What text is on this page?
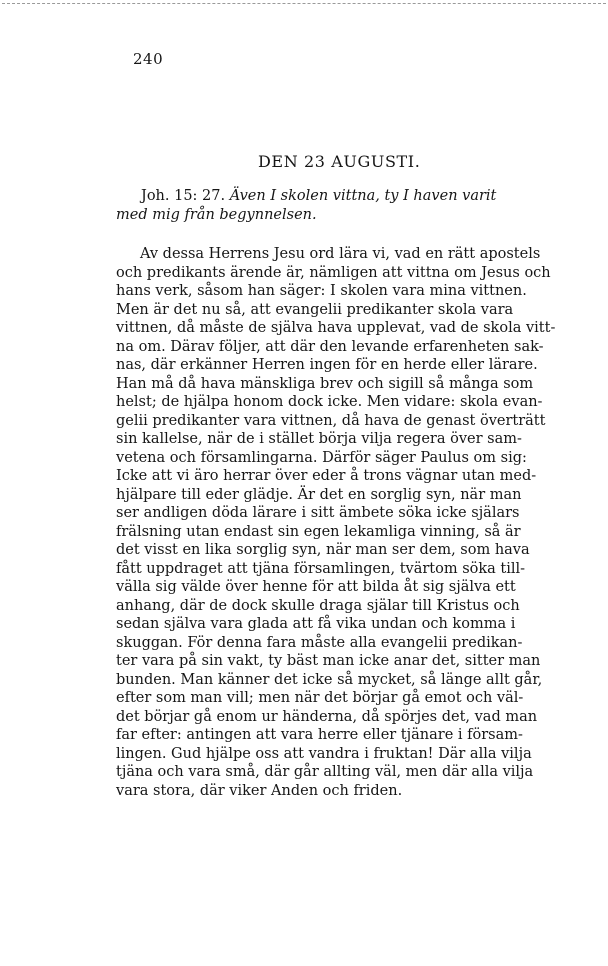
240
DEN 23 AUGUSTI.
Joh. 15: 27. Även I skolen vittna, ty I haven varit
med mig från begynnelsen.
Av dessa Herrens Jesu ord lära vi, vad en rätt apostels
och predikants ärende är, nämligen att vittna om Jesus och
hans verk, såsom han säger: I skolen vara mina vittnen.
Men är det nu så, att evangelii predikanter skola vara
vittnen, då måste de själva hava upplevat, vad de skola vitt-
na om. Därav följer, att där den levande erfarenheten sak-
nas, där erkänner Herren ingen för en herde eller lärare.
Han må då hava mänskliga brev och sigill så många som
helst; de hjälpa honom dock icke. Men vidare: skola evan-
gelii predikanter vara vittnen, då hava de genast överträtt
sin kallelse, när de i stället börja vilja regera över sam-
vetena och församlingarna. Därför säger Paulus om sig:
Icke att vi äro herrar över eder å trons vägnar utan med-
hjälpare till eder glädje. Är det en sorglig syn, när man
ser andligen döda lärare i sitt ämbete söka icke själars
frälsning utan endast sin egen lekamliga vinning, så är
det visst en lika sorglig syn, när man ser dem, som hava
fått uppdraget att tjäna församlingen, tvärtom söka till-
välla sig välde över henne för att bilda åt sig själva ett
anhang, där de dock skulle draga själar till Kristus och
sedan själva vara glada att få vika undan och komma i
skuggan. För denna fara måste alla evangelii predikan-
ter vara på sin vakt, ty bäst man icke anar det, sitter man
bunden. Man känner det icke så mycket, så länge allt går,
efter som man vill; men när det börjar gå emot och väl-
det börjar gå enom ur händerna, då spörjes det, vad man
far efter: antingen att vara herre eller tjänare i försam-
lingen. Gud hjälpe oss att vandra i fruktan! Där alla vilja
tjäna och vara små, där går allting väl, men där alla vilja
vara stora, där viker Anden och friden.
